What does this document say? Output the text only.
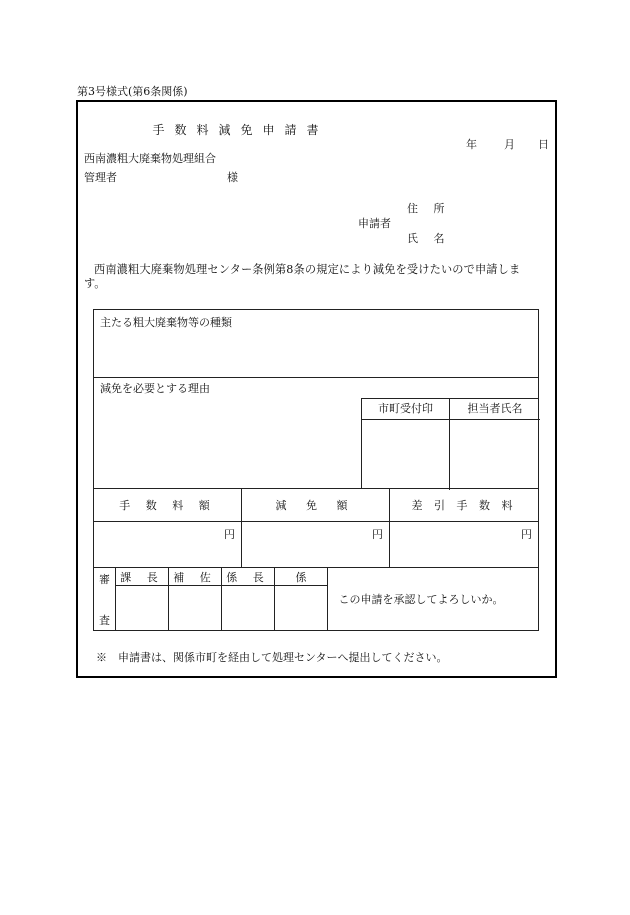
第3号様式(第6条関係)
手数料減免申請書
年 月 日
西南濃粗大廃棄物処理組合
管理者	様
住 所
申請者
氏 名
西南濃粗大廃棄物処理センター条例第8条の規定により減免を受けたいので申請しま
す。
主たる粗大廃棄物等の種類

減免を必要とする理由
市町受付印	担当者氏名
手 数 料 額	減 免 額	差 引 手 数 料
円	円	円
審
査	課 長	補 佐	係 長	係	この申請を承認してよろしいか。

※　申請書は、関係市町を経由して処理センターへ提出してください。
